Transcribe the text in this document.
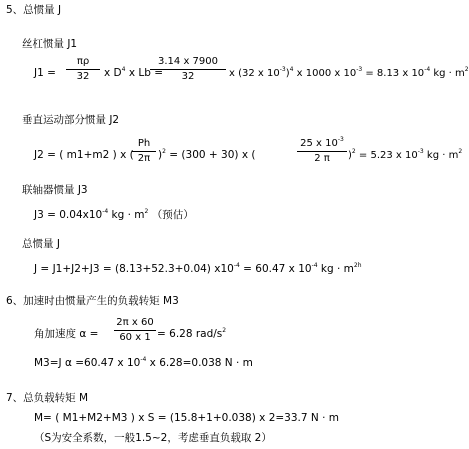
5、总惯量 J
丝杠惯量 J1
J1 =
πρ
32	x $D^4$ x Lb =
3.14 x 7900
32	x (32 x $10^{-3})^4$ x 1000 x $10^{-3} = 8.13$ x $10^{-4}$ kg · $m^2$
垂直运动部分惯量 J2
J2 = ( m1+m2 ) x (
Ph
2π )$^2$ = (300 + 30) x (
25 x $10^{-3}$
2 π	)$^2$ = 5.23 x $10^{-3}$ kg · $m^2$
联轴器惯量 J3
$J3 = 0.04x10^{-4}$ kg · $m^2$ （预估）
总惯量 J
J = J1+J2+J3 = (8.13+52.3+0.04) $x10^{-4} = 60.47$ x $10^{-4}$ kg · $m^{2h}$
6、加速时由惯量产生的负载转矩 M3
角加速度 α =
2π x 60
60 x 1 = 6.28 rad/$s^2$
M3=J α =60.47 x $10^{-4}$ x 6.28=0.038 N · m
7、总负载转矩 M
M= ( M1+M2+M3 ) x S = (15.8+1+0.038) x 2=33.7 N · m
（S为安全系数，一般1.5~2，考虑垂直负载取 2）
